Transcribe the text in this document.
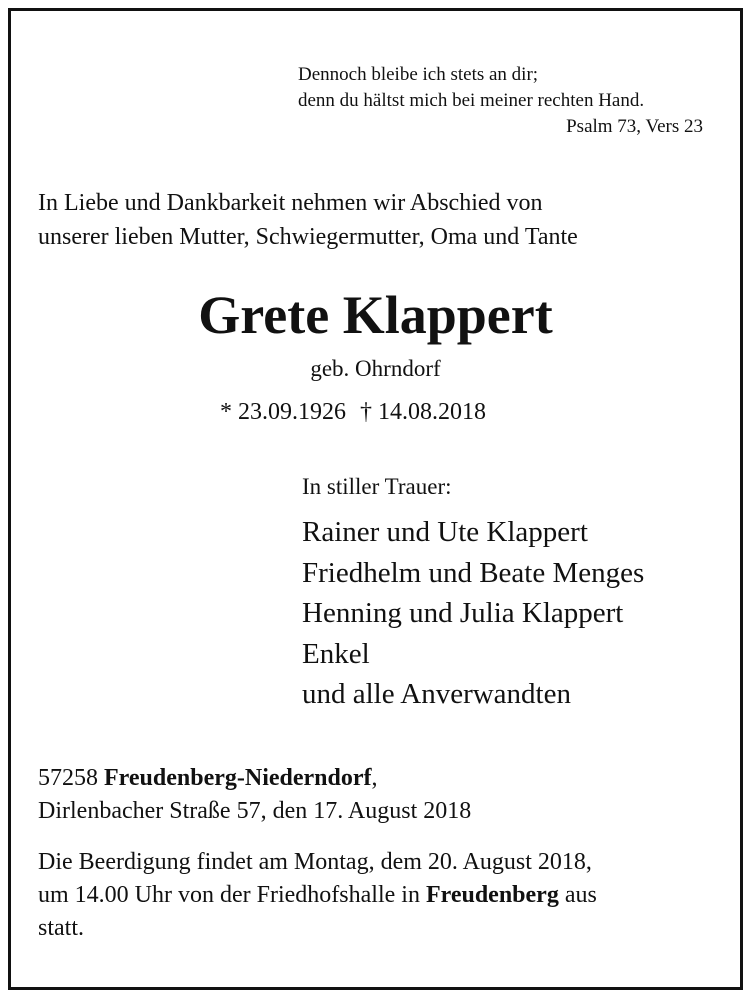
Dennoch bleibe ich stets an dir;
denn du hältst mich bei meiner rechten Hand.
Psalm 73, Vers 23
In Liebe und Dankbarkeit nehmen wir Abschied von
unserer lieben Mutter, Schwiegermutter, Oma und Tante
Grete Klappert
geb. Ohrndorf
* 23.09.1926 † 14.08.2018
In stiller Trauer:
Rainer und Ute Klappert
Friedhelm und Beate Menges
Henning und Julia Klappert
Enkel
und alle Anverwandten
57258 Freudenberg-Niederndorf,
Dirlenbacher Straße 57, den 17. August 2018
Die Beerdigung findet am Montag, dem 20. August 2018,
um 14.00 Uhr von der Friedhofshalle in Freudenberg aus
statt.
